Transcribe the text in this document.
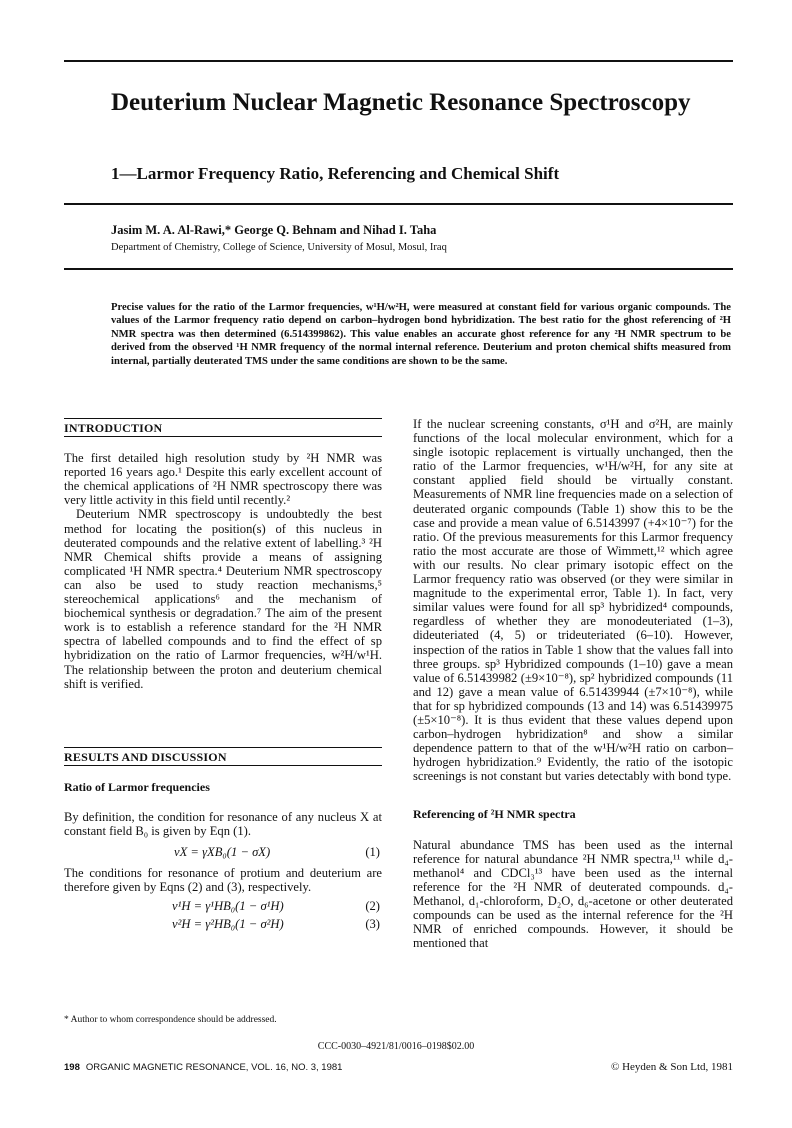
Deuterium Nuclear Magnetic Resonance Spectroscopy
1—Larmor Frequency Ratio, Referencing and Chemical Shift
Jasim M. A. Al-Rawi,* George Q. Behnam and Nihad I. Taha
Department of Chemistry, College of Science, University of Mosul, Mosul, Iraq
Precise values for the ratio of the Larmor frequencies, w¹H/w²H, were measured at constant field for various organic compounds. The values of the Larmor frequency ratio depend on carbon–hydrogen bond hybridization. The best ratio for the ghost referencing of ²H NMR spectra was then determined (6.514399862). This value enables an accurate ghost reference for any ²H NMR spectrum to be derived from the observed ¹H NMR frequency of the normal internal reference. Deuterium and proton chemical shifts measured from internal, partially deuterated TMS under the same conditions are shown to be the same.
INTRODUCTION

The first detailed high resolution study by ²H NMR was reported 16 years ago.¹ Despite this early excellent account of the chemical applications of ²H NMR spectroscopy there was very little activity in this field until recently.²

Deuterium NMR spectroscopy is undoubtedly the best method for locating the position(s) of this nucleus in deuterated compounds and the relative extent of labelling.³ ²H NMR Chemical shifts provide a means of assigning complicated ¹H NMR spectra.⁴ Deuterium NMR spectroscopy can also be used to study reaction mechanisms,⁵ stereochemical applications⁶ and the mechanism of biochemical synthesis or degradation.⁷ The aim of the present work is to establish a reference standard for the ²H NMR spectra of labelled compounds and to find the effect of sp hybridization on the ratio of Larmor frequencies, w²H/w¹H. The relationship between the proton and deuterium chemical shift is verified.

RESULTS AND DISCUSSION
Ratio of Larmor frequencies

By definition, the condition for resonance of any nucleus X at constant field B₀ is given by Eqn (1).

νX = γXB₀(1 − σX)	(1)

The conditions for resonance of protium and deuterium are therefore given by Eqns (2) and (3), respectively.

ν¹H = γ¹HB₀(1 − σ¹H)	(2)
ν²H = γ²HB₀(1 − σ²H)	(3)

If the nuclear screening constants, σ¹H and σ²H, are mainly functions of the local molecular environment, which for a single isotopic replacement is virtually unchanged, then the ratio of the Larmor frequencies, w¹H/w²H, for any site at constant applied field should be virtually constant. Measurements of NMR line frequencies made on a selection of deuterated organic compounds (Table 1) show this to be the case and provide a mean value of 6.5143997 (+4×10⁻⁷) for the ratio. Of the previous measurements for this Larmor frequency ratio the most accurate are those of Wimmett,¹² which agree with our results. No clear primary isotopic effect on the Larmor frequency ratio was observed (or they were similar in magnitude to the experimental error, Table 1). In fact, very similar values were found for all sp³ hybridized⁴ compounds, regardless of whether they are monodeuteriated (1–3), dideuteriated (4, 5) or trideuteriated (6–10). However, inspection of the ratios in Table 1 show that the values fall into three groups. sp³ Hybridized compounds (1–10) gave a mean value of 6.51439982 (±9×10⁻⁸), sp² hybridized compounds (11 and 12) gave a mean value of 6.51439944 (±7×10⁻⁸), while that for sp hybridized compounds (13 and 14) was 6.51439975 (±5×10⁻⁸). It is thus evident that these values depend upon carbon–hydrogen hybridization⁸ and show a similar dependence pattern to that of the w¹H/w²H ratio on carbon–hydrogen hybridization.⁹ Evidently, the ratio of the isotopic screenings is not constant but varies detectably with bond type.

Referencing of ²H NMR spectra

Natural abundance TMS has been used as the internal reference for natural abundance ²H NMR spectra,¹¹ while d₄-methanol⁴ and CDCl₃¹³ have been used as the internal reference for the ²H NMR of deuterated compounds. d₄-Methanol, d₁-chloroform, D₂O, d₆-acetone or other deuterated compounds can be used as the internal reference for the ²H NMR of enriched compounds. However, it should be mentioned that

* Author to whom correspondence should be addressed.
CCC-0030–4921/81/0016–0198$02.00
198 ORGANIC MAGNETIC RESONANCE, VOL. 16, NO. 3, 1981	© Heyden & Son Ltd, 1981
